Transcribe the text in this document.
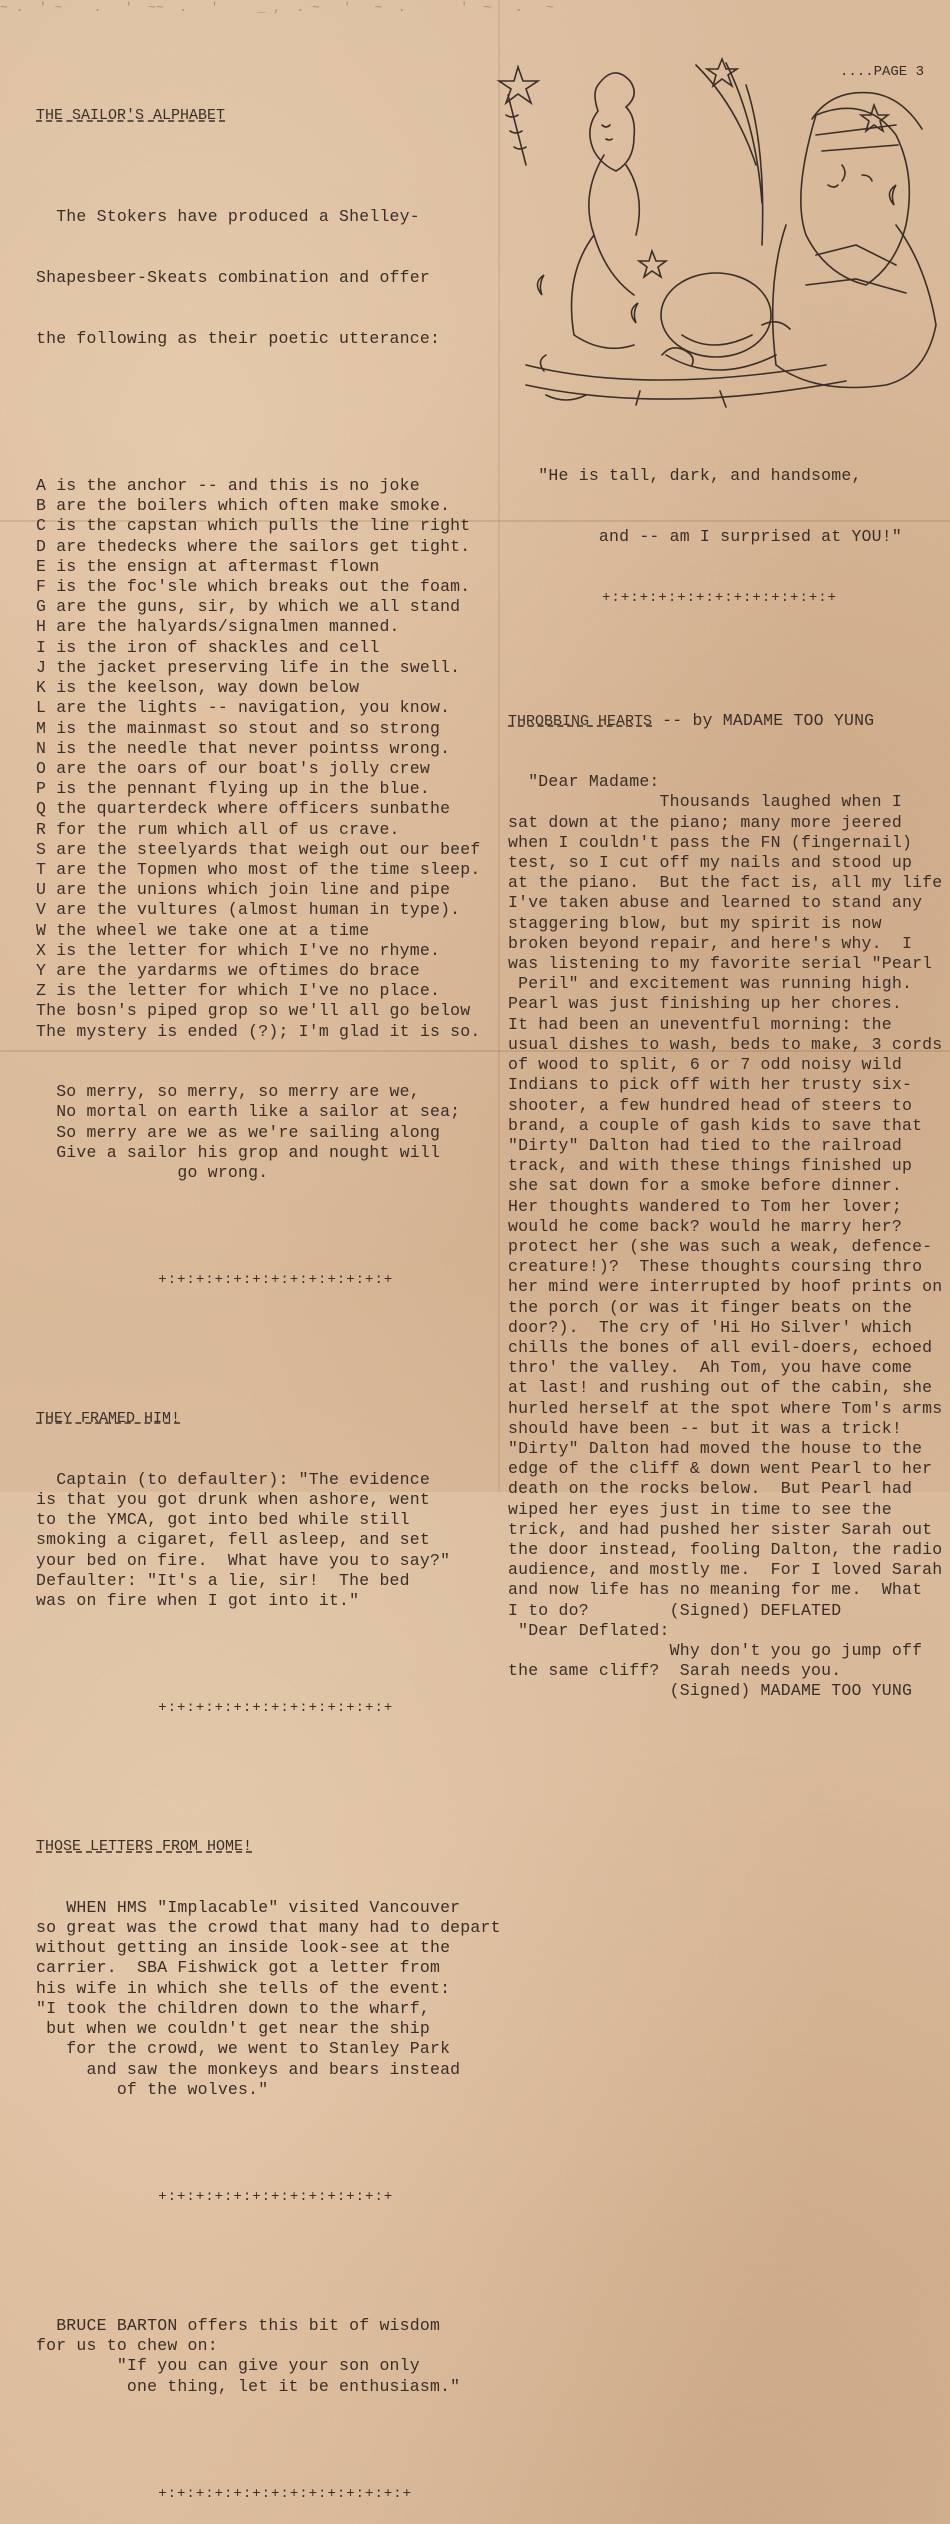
~ .  ' ~    .   '  ~~  .   '     _ ,  . ~   '   ~  .       '  ~   .   ~
....PAGE 3

THE SAILOR'S ALPHABET

The Stokers have produced a Shelley-

Shapesbeer-Skeats combination and offer

the following as their poetic utterance:

A is the anchor -- and this is no joke
B are the boilers which often make smoke.
C is the capstan which pulls the line right
D are thedecks where the sailors get tight.
E is the ensign at aftermast flown
F is the foc'sle which breaks out the foam.
G are the guns, sir, by which we all stand
H are the halyards/signalmen manned.
I is the iron of shackles and cell
J the jacket preserving life in the swell.
K is the keelson, way down below
L are the lights -- navigation, you know.
M is the mainmast so stout and so strong
N is the needle that never pointss wrong.
O are the oars of our boat's jolly crew
P is the pennant flying up in the blue.
Q the quarterdeck where officers sunbathe
R for the rum which all of us crave.
S are the steelyards that weigh out our beef
T are the Topmen who most of the time sleep.
U are the unions which join line and pipe
V are the vultures (almost human in type).
W the wheel we take one at a time
X is the letter for which I've no rhyme.
Y are the yardarms we oftimes do brace
Z is the letter for which I've no place.
The bosn's piped grop so we'll all go below
The mystery is ended (?); I'm glad it is so.

So merry, so merry, so merry are we,
No mortal on earth like a sailor at sea;
So merry are we as we're sailing along
Give a sailor his grop and nought will
go wrong.

+:+:+:+:+:+:+:+:+:+:+:+:+

THEY FRAMED HIM!

Captain (to defaulter): "The evidence
is that you got drunk when ashore, went
to the YMCA, got into bed while still
smoking a cigaret, fell asleep, and set
your bed on fire.  What have you to say?"
Defaulter: "It's a lie, sir!  The bed
was on fire when I got into it."

+:+:+:+:+:+:+:+:+:+:+:+:+

THOSE LETTERS FROM HOME!

WHEN HMS "Implacable" visited Vancouver
so great was the crowd that many had to depart
without getting an inside look-see at the
carrier.  SBA Fishwick got a letter from
his wife in which she tells of the event:
"I took the children down to the wharf,
but when we couldn't get near the ship
for the crowd, we went to Stanley Park
and saw the monkeys and bears instead
of the wolves."

+:+:+:+:+:+:+:+:+:+:+:+:+

BRUCE BARTON offers this bit of wisdom
for us to chew on:
"If you can give your son only
one thing, let it be enthusiasm."

+:+:+:+:+:+:+:+:+:+:+:+:+:+

"He is tall, dark, and handsome,

and -- am I surprised at YOU!"

+:+:+:+:+:+:+:+:+:+:+:+:+

THROBBING HEARTS -- by MADAME TOO YUNG

"Dear Madame:
Thousands laughed when I
sat down at the piano; many more jeered
when I couldn't pass the FN (fingernail)
test, so I cut off my nails and stood up
at the piano.  But the fact is, all my life
I've taken abuse and learned to stand any
staggering blow, but my spirit is now
broken beyond repair, and here's why.  I
was listening to my favorite serial "Pearl
Peril" and excitement was running high.
Pearl was just finishing up her chores.
It had been an uneventful morning: the
usual dishes to wash, beds to make, 3 cords
of wood to split, 6 or 7 odd noisy wild
Indians to pick off with her trusty six-
shooter, a few hundred head of steers to
brand, a couple of gash kids to save that
"Dirty" Dalton had tied to the railroad
track, and with these things finished up
she sat down for a smoke before dinner.
Her thoughts wandered to Tom her lover;
would he come back? would he marry her?
protect her (she was such a weak, defence-
creature!)?  These thoughts coursing thro
her mind were interrupted by hoof prints on
the porch (or was it finger beats on the
door?).  The cry of 'Hi Ho Silver' which
chills the bones of all evil-doers, echoed
thro' the valley.  Ah Tom, you have come
at last! and rushing out of the cabin, she
hurled herself at the spot where Tom's arms
should have been -- but it was a trick!
"Dirty" Dalton had moved the house to the
edge of the cliff & down went Pearl to her
death on the rocks below.  But Pearl had
wiped her eyes just in time to see the
trick, and had pushed her sister Sarah out
the door instead, fooling Dalton, the radio
audience, and mostly me.  For I loved Sarah
and now life has no meaning for me.  What
I to do?        (Signed) DEFLATED
"Dear Deflated:
Why don't you go jump off
the same cliff?  Sarah needs you.
(Signed) MADAME TOO YUNG
